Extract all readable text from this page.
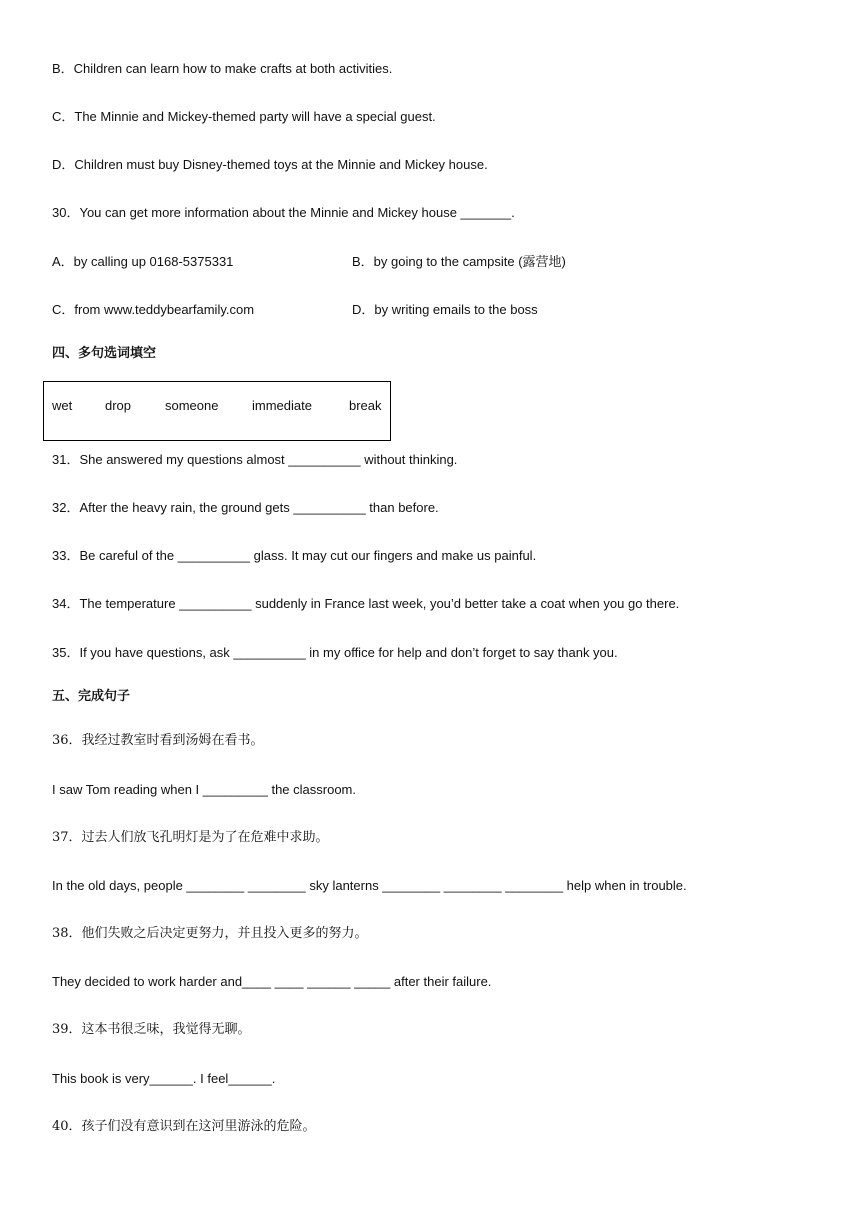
B．Children can learn how to make crafts at both activities.
C．The Minnie and Mickey-themed party will have a special guest.
D．Children must buy Disney-themed toys at the Minnie and Mickey house.
30．You can get more information about the Minnie and Mickey house _______.
A．by calling up 0168-5375331	B．by going to the campsite (露营地)
C．from www.teddybearfamily.com	D．by writing emails to the boss
四、多句选词填空
wet	drop	someone	immediate	break
31．She answered my questions almost __________ without thinking.
32．After the heavy rain, the ground gets __________ than before.
33．Be careful of the __________ glass. It may cut our fingers and make us painful.
34．The temperature __________ suddenly in France last week, you’d better take a coat when you go there.
35．If you have questions, ask __________ in my office for help and don’t forget to say thank you.
五、完成句子
36．我经过教室时看到汤姆在看书。
I saw Tom reading when I _________ the classroom.
37．过去人们放飞孔明灯是为了在危难中求助。
In the old days, people ________ ________ sky lanterns ________ ________ ________ help when in trouble.
38．他们失败之后决定更努力，并且投入更多的努力。
They decided to work harder and____ ____ ______ _____ after their failure.
39．这本书很乏味，我觉得无聊。
This book is very______. I feel______.
40．孩子们没有意识到在这河里游泳的危险。
